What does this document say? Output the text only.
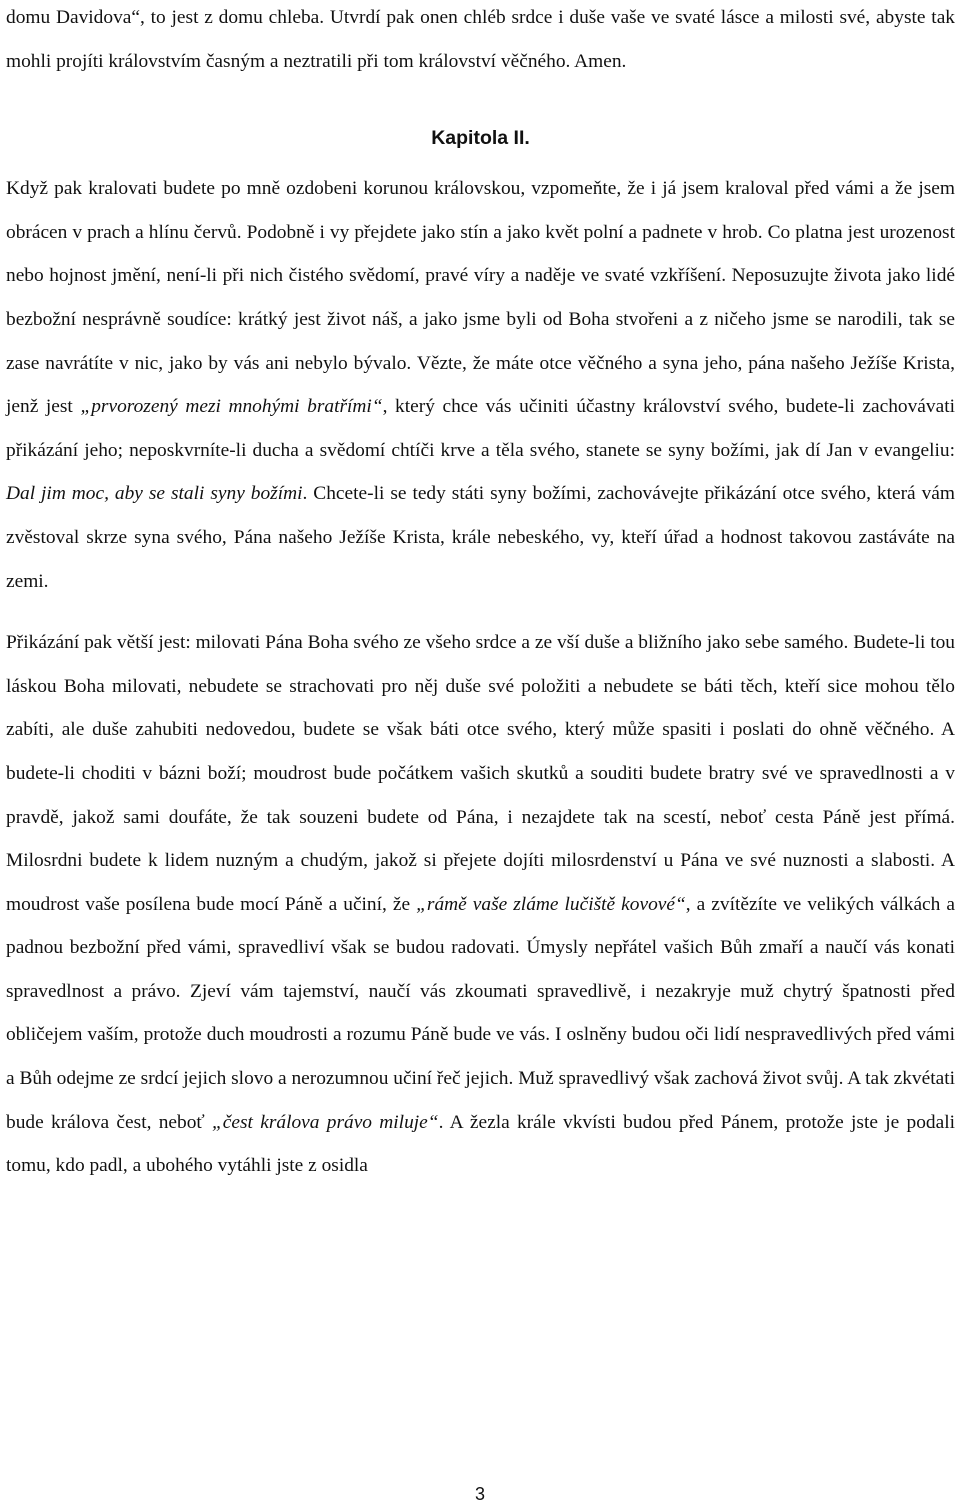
domu Davidova“, to jest z domu chleba. Utvrdí pak onen chléb srdce i duše vaše ve svaté lásce a milosti své, abyste tak mohli projíti královstvím časným a neztratili při tom království věčného. Amen.

Kapitola II.

Když pak kralovati budete po mně ozdobeni korunou královskou, vzpomeňte, že i já jsem kraloval před vámi a že jsem obrácen v prach a hlínu červů. Podobně i vy přejdete jako stín a jako květ polní a padnete v hrob. Co platna jest urozenost nebo hojnost jmění, není-li při nich čistého svědomí, pravé víry a naděje ve svaté vzkříšení. Neposuzujte života jako lidé bezbožní nesprávně soudíce: krátký jest život náš, a jako jsme byli od Boha stvořeni a z ničeho jsme se narodili, tak se zase navrátíte v nic, jako by vás ani nebylo bývalo. Vězte, že máte otce věčného a syna jeho, pána našeho Ježíše Krista, jenž jest „prvorozený mezi mnohými bratřími“, který chce vás učiniti účastny království svého, budete-li zachovávati přikázání jeho; neposkvrníte-li ducha a svědomí chtíči krve a těla svého, stanete se syny božími, jak dí Jan v evangeliu: Dal jim moc, aby se stali syny božími. Chcete-li se tedy státi syny božími, zachovávejte přikázání otce svého, která vám zvěstoval skrze syna svého, Pána našeho Ježíše Krista, krále nebeského, vy, kteří úřad a hodnost takovou zastáváte na zemi.

Přikázání pak větší jest: milovati Pána Boha svého ze všeho srdce a ze vší duše a bližního jako sebe samého. Budete-li tou láskou Boha milovati, nebudete se strachovati pro něj duše své položiti a nebudete se báti těch, kteří sice mohou tělo zabíti, ale duše zahubiti nedovedou, budete se však báti otce svého, který může spasiti i poslati do ohně věčného. A budete-li choditi v bázni boží; moudrost bude počátkem vašich skutků a souditi budete bratry své ve spravedlnosti a v pravdě, jakož sami doufáte, že tak souzeni budete od Pána, i nezajdete tak na scestí, neboť cesta Páně jest přímá. Milosrdni budete k lidem nuzným a chudým, jakož si přejete dojíti milosrdenství u Pána ve své nuznosti a slabosti. A moudrost vaše posílena bude mocí Páně a učiní, že „rámě vaše zláme lučiště kovové“, a zvítězíte ve velikých válkách a padnou bezbožní před vámi, spravedliví však se budou radovati. Úmysly nepřátel vašich Bůh zmaří a naučí vás konati spravedlnost a právo. Zjeví vám tajemství, naučí vás zkoumati spravedlivě, i nezakryje muž chytrý špatnosti před obličejem vaším, protože duch moudrosti a rozumu Páně bude ve vás. I oslněny budou oči lidí nespravedlivých před vámi a Bůh odejme ze srdcí jejich slovo a nerozumnou učiní řeč jejich. Muž spravedlivý však zachová život svůj. A tak zkvétati bude králova čest, neboť „čest králova právo miluje“. A žezla krále vkvísti budou před Pánem, protože jste je podali tomu, kdo padl, a ubohého vytáhli jste z osidla

3
